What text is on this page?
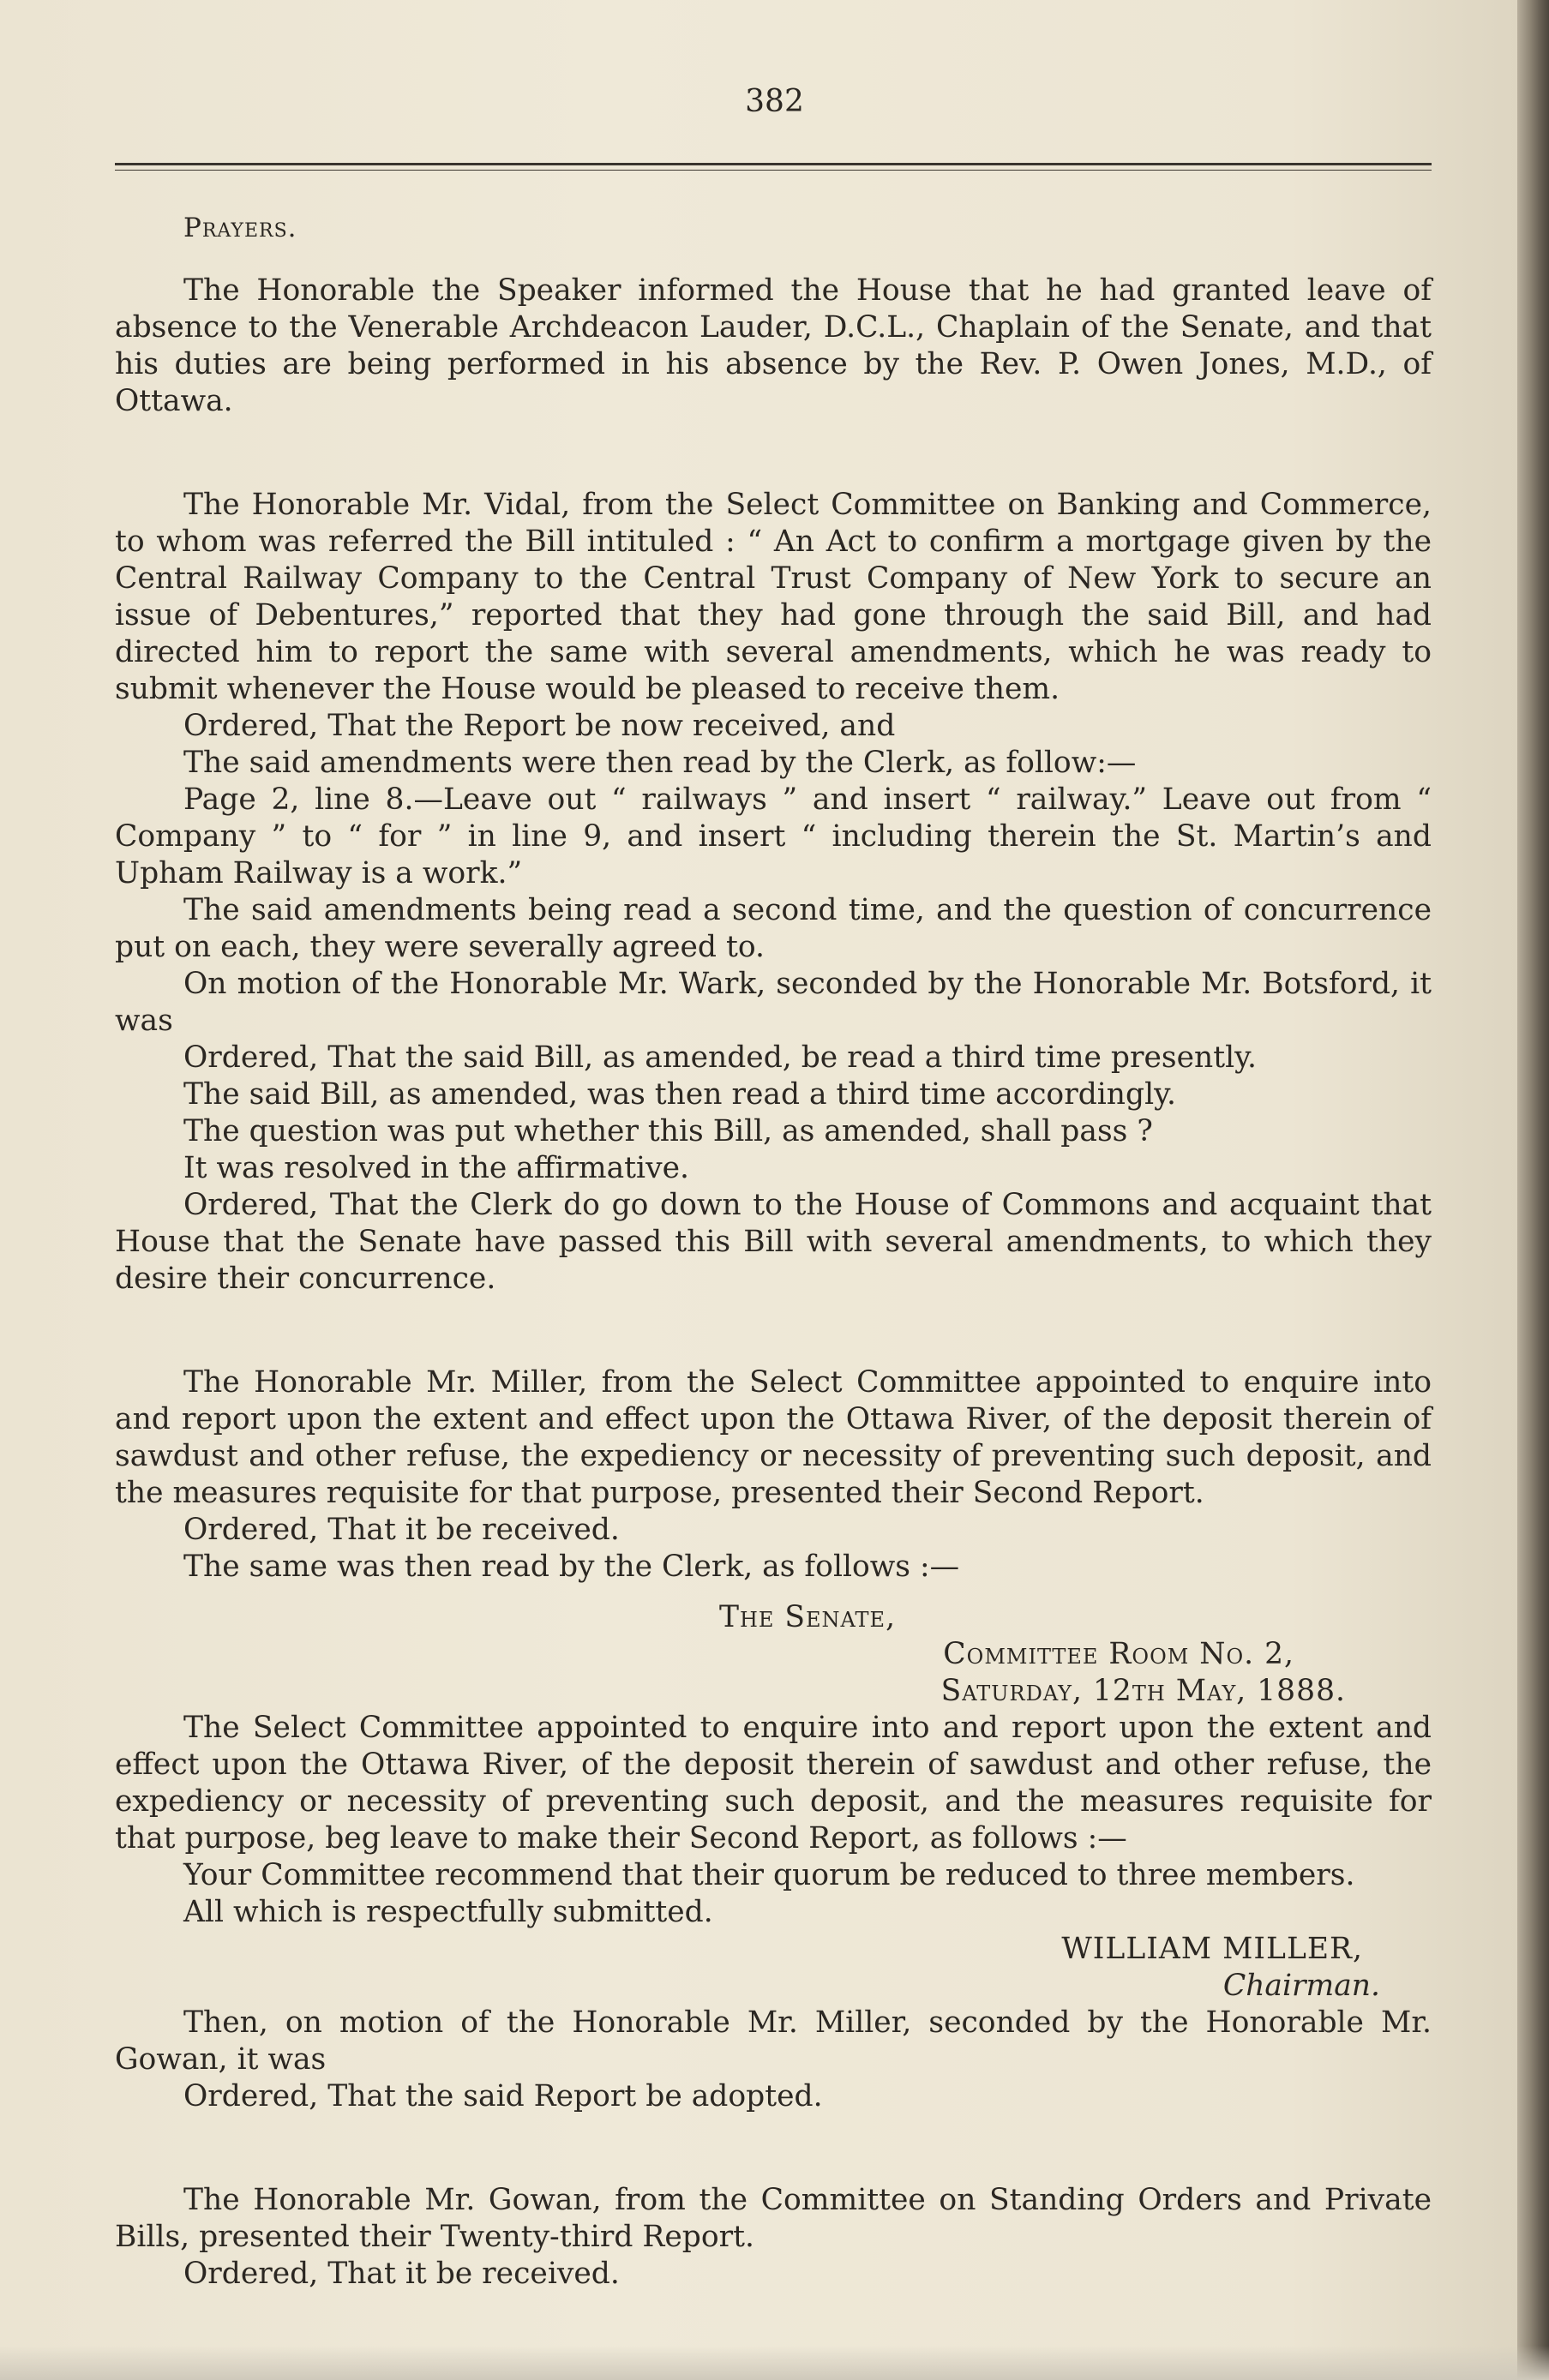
382

Prayers.

The Honorable the Speaker informed the House that he had granted leave of absence to the Venerable Archdeacon Lauder, D.C.L., Chaplain of the Senate, and that his duties are being performed in his absence by the Rev. P. Owen Jones, M.D., of Ottawa.

The Honorable Mr. Vidal, from the Select Committee on Banking and Commerce, to whom was referred the Bill intituled : “ An Act to confirm a mortgage given by the Central Railway Company to the Central Trust Company of New York to secure an issue of Debentures,” reported that they had gone through the said Bill, and had directed him to report the same with several amendments, which he was ready to submit whenever the House would be pleased to receive them.

Ordered, That the Report be now received, and

The said amendments were then read by the Clerk, as follow:—

Page 2, line 8.—Leave out “ railways ” and insert “ railway.” Leave out from “ Company ” to “ for ” in line 9, and insert “ including therein the St. Martin’s and Upham Railway is a work.”

The said amendments being read a second time, and the question of concurrence put on each, they were severally agreed to.

On motion of the Honorable Mr. Wark, seconded by the Honorable Mr. Botsford, it was

Ordered, That the said Bill, as amended, be read a third time presently.

The said Bill, as amended, was then read a third time accordingly.

The question was put whether this Bill, as amended, shall pass ?

It was resolved in the affirmative.

Ordered, That the Clerk do go down to the House of Commons and acquaint that House that the Senate have passed this Bill with several amendments, to which they desire their concurrence.

The Honorable Mr. Miller, from the Select Committee appointed to enquire into and report upon the extent and effect upon the Ottawa River, of the deposit therein of sawdust and other refuse, the expediency or necessity of preventing such deposit, and the measures requisite for that purpose, presented their Second Report.

Ordered, That it be received.

The same was then read by the Clerk, as follows :—

The Senate,

Committee Room No. 2,

Saturday, 12th May, 1888.

The Select Committee appointed to enquire into and report upon the extent and effect upon the Ottawa River, of the deposit therein of sawdust and other refuse, the expediency or necessity of preventing such deposit, and the measures requisite for that purpose, beg leave to make their Second Report, as follows :—

Your Committee recommend that their quorum be reduced to three members.

All which is respectfully submitted.

WILLIAM MILLER,

Chairman.

Then, on motion of the Honorable Mr. Miller, seconded by the Honorable Mr. Gowan, it was

Ordered, That the said Report be adopted.

The Honorable Mr. Gowan, from the Committee on Standing Orders and Private Bills, presented their Twenty-third Report.

Ordered, That it be received.
